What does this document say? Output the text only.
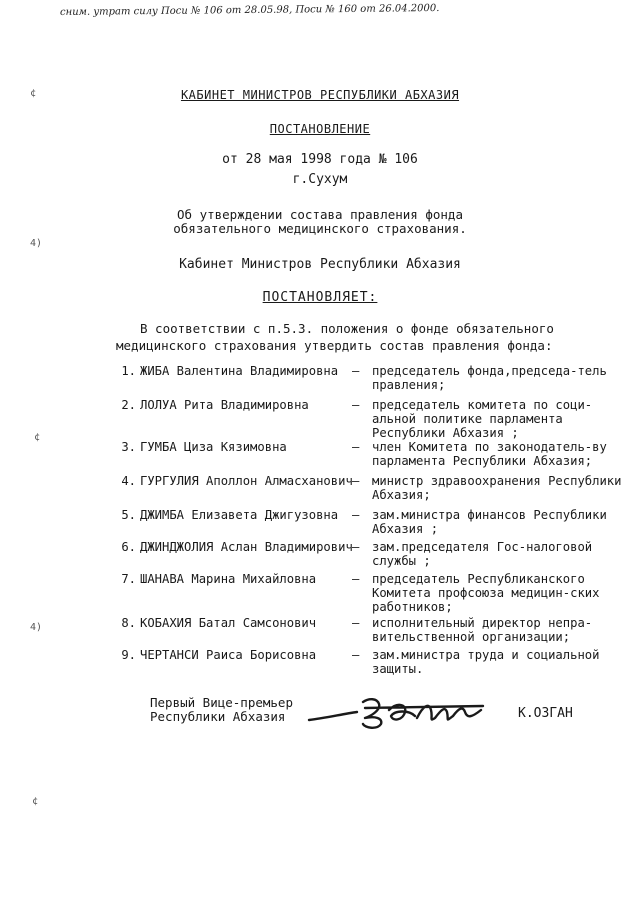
сним. утрат силу Поси № 106 от 28.05.98, Поси № 160 от 26.04.2000.
¢
4)
¢
4)
¢
КАБИНЕТ МИНИСТРОВ РЕСПУБЛИКИ АБХАЗИЯ
ПОСТАНОВЛЕНИЕ
от 28 мая 1998 года № 106
г.Сухум
Об утверждении состава правления фонда
обязательного медицинского страхования.
Кабинет Министров Республики Абхазия
ПОСТАНОВЛЯЕТ:
В соответствии с п.5.3. положения о фонде обязательного
медицинского страхования утвердить состав правления фонда:
1. ЖИБА Валентина Владимировна – председатель фонда,председа-тель правления;
2. ЛОЛУА Рита Владимировна	– председатель комитета по соци-альной политике парламента Республики Абхазия ;
3. ГУМБА Циза Кязимовна	– член Комитета по законодатель-ву парламента Республики Абхазия;
4. ГУРГУЛИЯ Аполлон Алмасханович – министр здравоохранения Республики Абхазия;
5. ДЖИМБА Елизавета Джигузовна – зам.министра финансов Республики Абхазия ;
6. ДЖИНДЖОЛИЯ Аслан Владимирович – зам.председателя Гос-налоговой службы ;
7. ШАНАВА Марина Михайловна	– председатель Республиканского Комитета профсоюза медицин-ских работников;
8. КОБАХИЯ Батал Самсонович	– исполнительный директор непра-вительственной организации;
9. ЧЕРТАНСИ Раиса Борисовна	– зам.министра труда и социальной защиты.
Первый Вице-премьер
Республики Абхазия	К.ОЗГАН
